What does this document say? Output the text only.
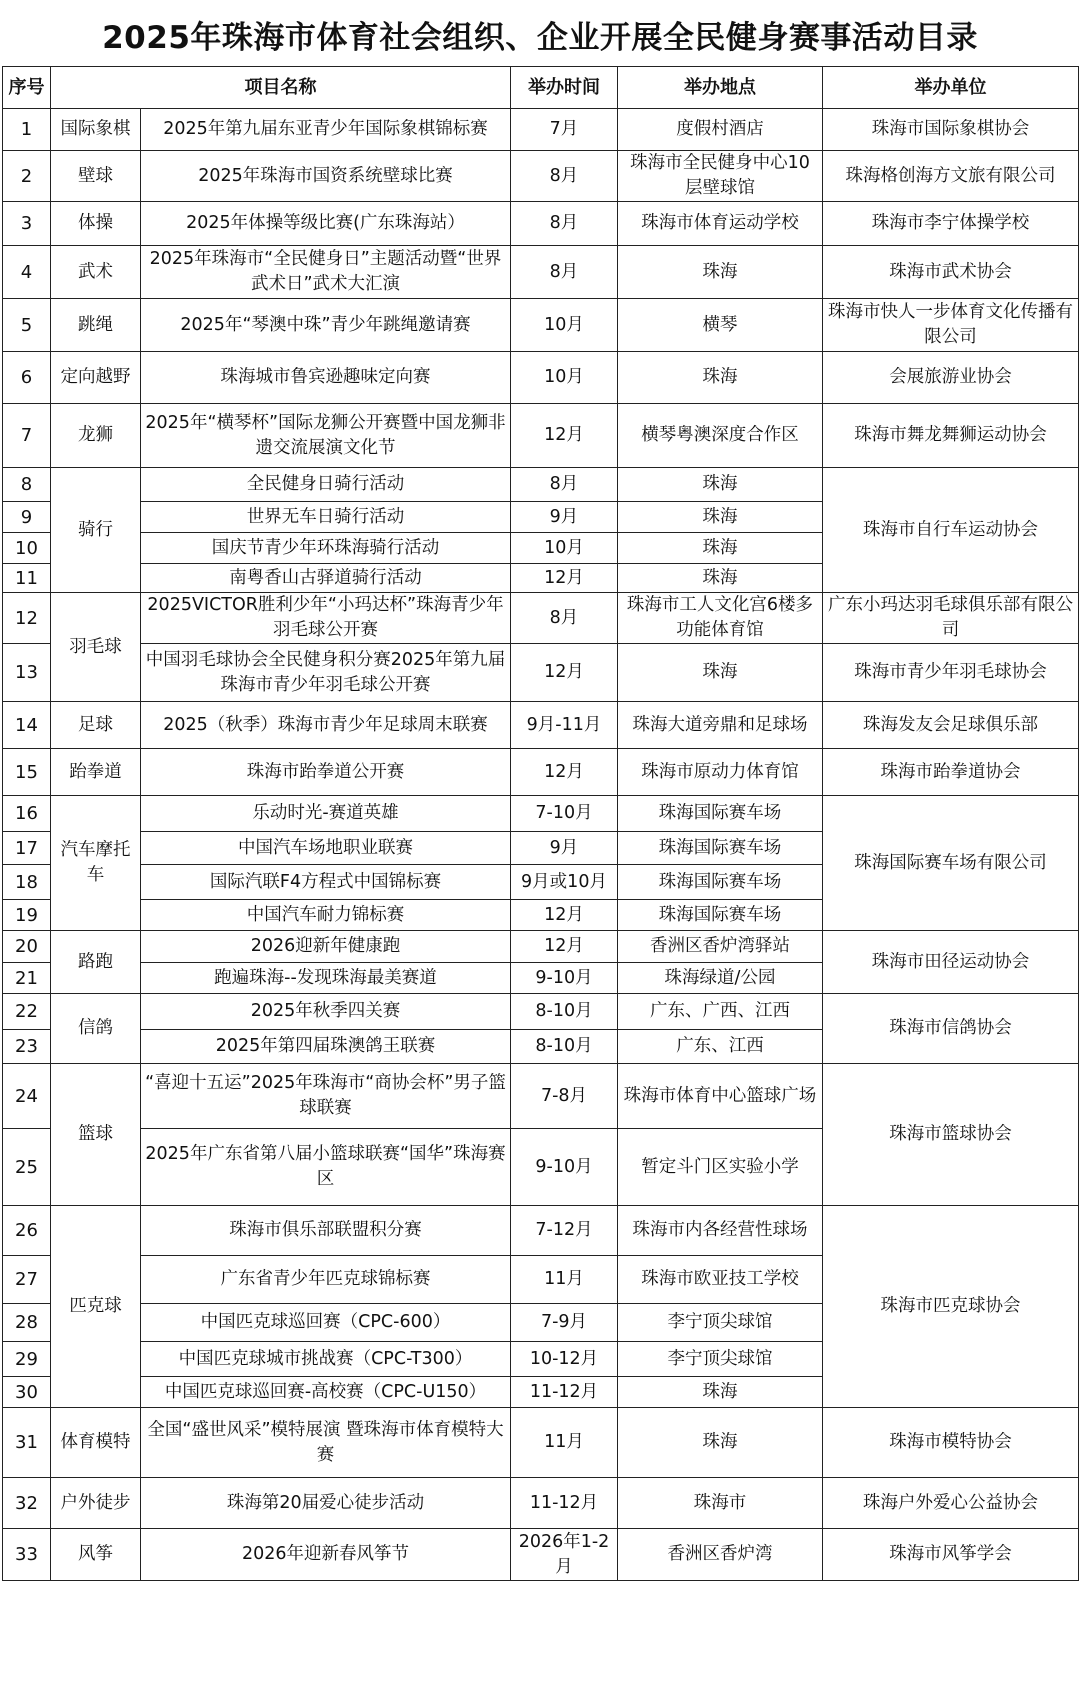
2025年珠海市体育社会组织、企业开展全民健身赛事活动目录
序号	项目名称		举办时间	举办地点	举办单位
1	国际象棋	2025年第九届东亚青少年国际象棋锦标赛	7月	度假村酒店	珠海市国际象棋协会
2	壁球	2025年珠海市国资系统壁球比赛	8月	珠海市全民健身中心10层壁球馆	珠海格创海方文旅有限公司
3	体操	2025年体操等级比赛(广东珠海站）	8月	珠海市体育运动学校	珠海市李宁体操学校
4	武术	2025年珠海市“全民健身日”主题活动暨“世界武术日”武术大汇演	8月	珠海	珠海市武术协会
5	跳绳	2025年“琴澳中珠”青少年跳绳邀请赛	10月	横琴	珠海市快人一步体育文化传播有限公司
6	定向越野	珠海城市鲁宾逊趣味定向赛	10月	珠海	会展旅游业协会
7	龙狮	2025年“横琴杯”国际龙狮公开赛暨中国龙狮非遗交流展演文化节	12月	横琴粤澳深度合作区	珠海市舞龙舞狮运动协会
8	骑行	全民健身日骑行活动	8月	珠海	珠海市自行车运动协会
9		世界无车日骑行活动	9月	珠海	
10		国庆节青少年环珠海骑行活动	10月	珠海	
11		南粤香山古驿道骑行活动	12月	珠海	
12	羽毛球	2025VICTOR胜利少年“小玛达杯”珠海青少年羽毛球公开赛	8月	珠海市工人文化宫6楼多功能体育馆	广东小玛达羽毛球俱乐部有限公司
13		中国羽毛球协会全民健身积分赛2025年第九届珠海市青少年羽毛球公开赛	12月	珠海	珠海市青少年羽毛球协会
14	足球	2025（秋季）珠海市青少年足球周末联赛	9月-11月	珠海大道旁鼎和足球场	珠海发友会足球俱乐部
15	跆拳道	珠海市跆拳道公开赛	12月	珠海市原动力体育馆	珠海市跆拳道协会
16	汽车摩托车	乐动时光-赛道英雄	7-10月	珠海国际赛车场	珠海国际赛车场有限公司
17		中国汽车场地职业联赛	9月	珠海国际赛车场	
18		国际汽联F4方程式中国锦标赛	9月或10月	珠海国际赛车场	
19		中国汽车耐力锦标赛	12月	珠海国际赛车场	
20	路跑	2026迎新年健康跑	12月	香洲区香炉湾驿站	珠海市田径运动协会
21		跑遍珠海--发现珠海最美赛道	9-10月	珠海绿道/公园	
22	信鸽	2025年秋季四关赛	8-10月	广东、广西、江西	珠海市信鸽协会
23		2025年第四届珠澳鸽王联赛	8-10月	广东、江西	
24	篮球	“喜迎十五运”2025年珠海市“商协会杯”男子篮球联赛	7-8月	珠海市体育中心篮球广场	珠海市篮球协会
25		2025年广东省第八届小篮球联赛“国华”珠海赛区	9-10月	暂定斗门区实验小学	
26	匹克球	珠海市俱乐部联盟积分赛	7-12月	珠海市内各经营性球场	珠海市匹克球协会
27		广东省青少年匹克球锦标赛	11月	珠海市欧亚技工学校	
28		中国匹克球巡回赛（CPC-600）	7-9月	李宁顶尖球馆	
29		中国匹克球城市挑战赛（CPC-T300）	10-12月	李宁顶尖球馆	
30		中国匹克球巡回赛-高校赛（CPC-U150）	11-12月	珠海	
31	体育模特	全国“盛世风采”模特展演 暨珠海市体育模特大赛	11月	珠海	珠海市模特协会
32	户外徒步	珠海第20届爱心徒步活动	11-12月	珠海市	珠海户外爱心公益协会
33	风筝	2026年迎新春风筝节	2026年1-2月	香洲区香炉湾	珠海市风筝学会
